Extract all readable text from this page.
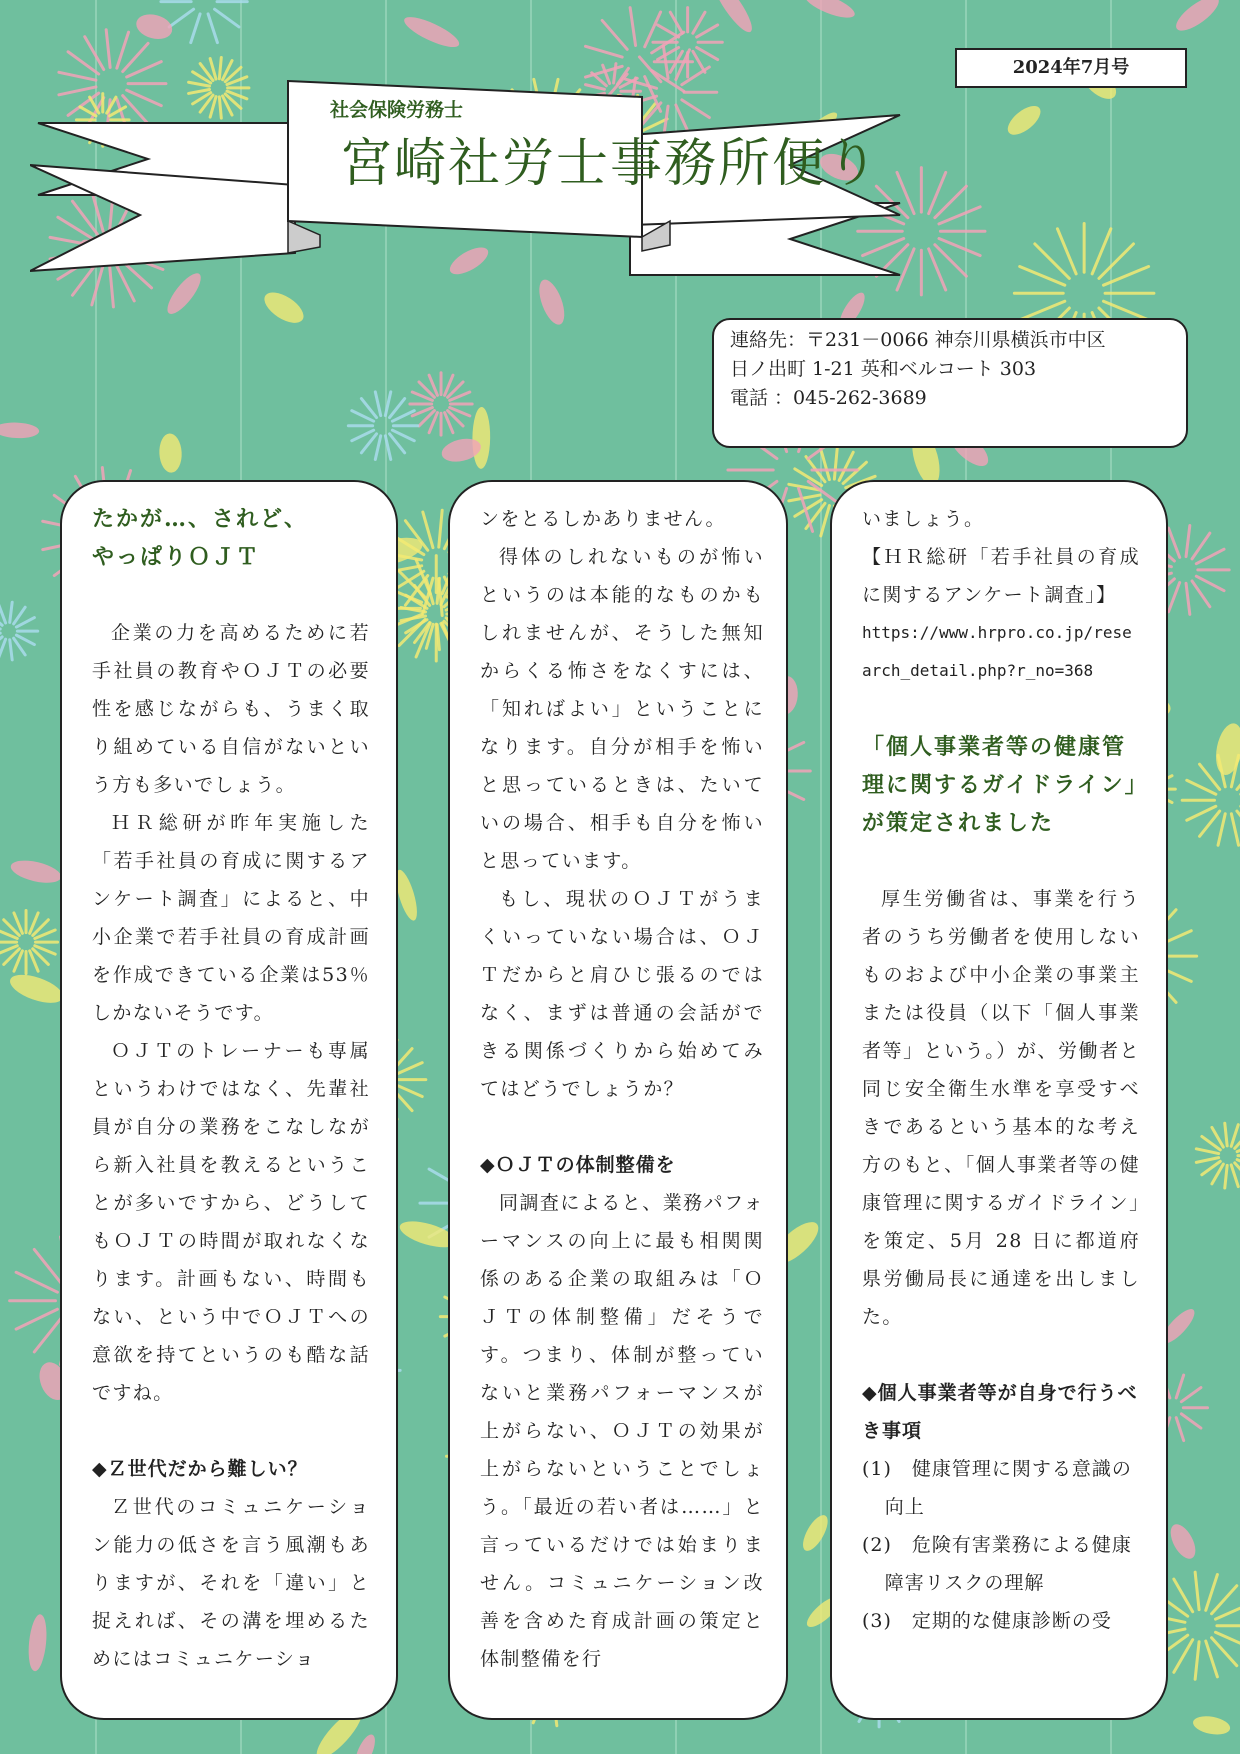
2024年7月号
社会保険労務士
宮崎社労士事務所便り
連絡先：〒231－0066 神奈川県横浜市中区
日ノ出町 1-21 英和ベルコート 303
電話 ：045-262-3689
たかが…、されど、
やっぱりＯＪＴ
企業の力を高めるために若手社員の教育やＯＪＴの必要性を感じながらも、うまく取り組めている自信がないという方も多いでしょう。
ＨＲ総研が昨年実施した「若手社員の育成に関するアンケート調査」によると、中小企業で若手社員の育成計画を作成できている企業は53％しかないそうです。
ＯＪＴのトレーナーも専属というわけではなく、先輩社員が自分の業務をこなしながら新入社員を教えるということが多いですから、どうしてもＯＪＴの時間が取れなくなります。計画もない、時間もない、という中でＯＪＴへの意欲を持てというのも酷な話ですね。
◆Ｚ世代だから難しい？
Ｚ世代のコミュニケーション能力の低さを言う風潮もありますが、それを「違い」と捉えれば、その溝を埋めるためにはコミュニケーショ
ンをとるしかありません。
得体のしれないものが怖いというのは本能的なものかもしれませんが、そうした無知からくる怖さをなくすには、「知ればよい」ということになります。自分が相手を怖いと思っているときは、たいていの場合、相手も自分を怖いと思っています。
もし、現状のＯＪＴがうまくいっていない場合は、ＯＪＴだからと肩ひじ張るのではなく、まずは普通の会話ができる関係づくりから始めてみてはどうでしょうか？
◆ＯＪＴの体制整備を
同調査によると、業務パフォーマンスの向上に最も相関関係のある企業の取組みは「ＯＪＴの体制整備」だそうです。つまり、体制が整っていないと業務パフォーマンスが上がらない、ＯＪＴの効果が上がらないということでしょう。「最近の若い者は……」と言っているだけでは始まりません。コミュニケーション改善を含めた育成計画の策定と体制整備を行
いましょう。
【ＨＲ総研「若手社員の育成に関するアンケート調査」】
https://www.hrpro.co.jp/research_detail.php?r_no=368
「個人事業者等の健康管理に関するガイドライン」が策定されました
厚生労働省は、事業を行う者のうち労働者を使用しないものおよび中小企業の事業主または役員（以下「個人事業者等」という。）が、労働者と同じ安全衛生水準を享受すべきであるという基本的な考え方のもと、「個人事業者等の健康管理に関するガイドライン」を策定、5月 28 日に都道府県労働局長に通達を出しました。
◆個人事業者等が自身で行うべき事項
(1)　健康管理に関する意識の向上
(2)　危険有害業務による健康障害リスクの理解
(3)　定期的な健康診断の受
